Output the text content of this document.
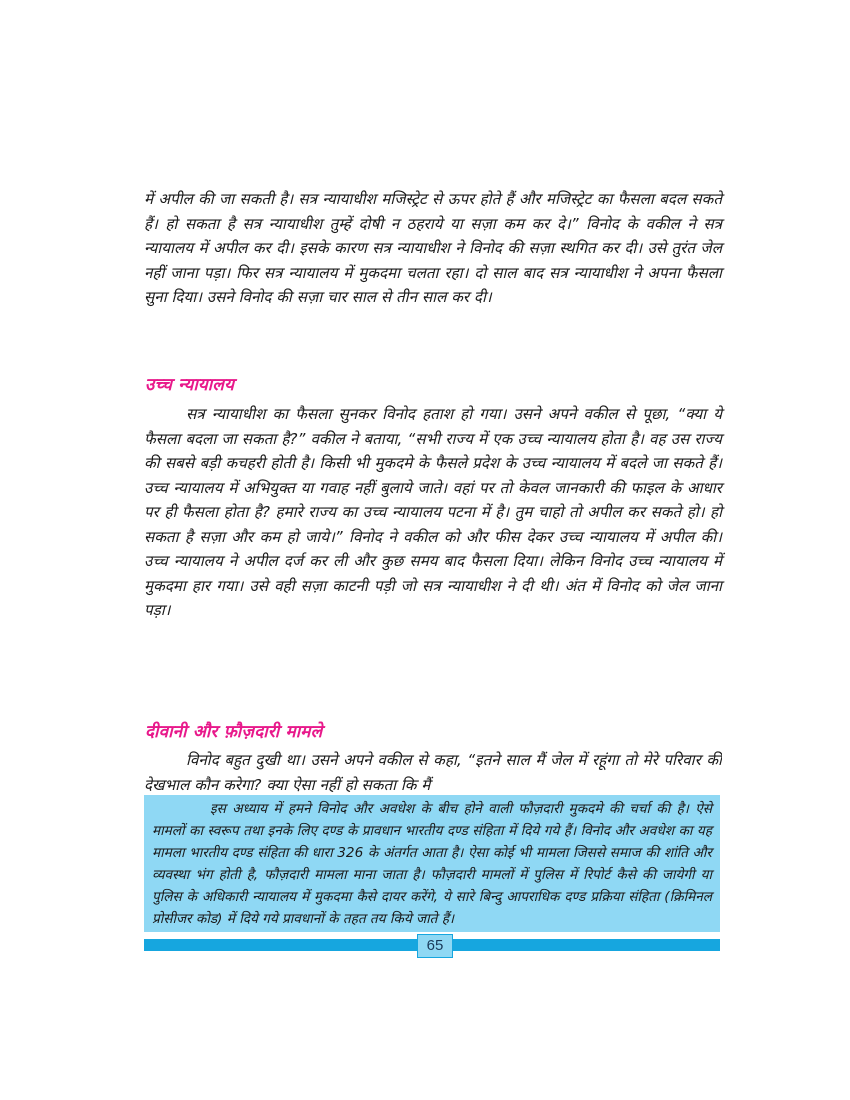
में अपील की जा सकती है। सत्र न्यायाधीश मजिस्ट्रेट से ऊपर होते हैं और मजिस्ट्रेट का फैसला बदल सकते हैं। हो सकता है सत्र न्यायाधीश तुम्हें दोषी न ठहराये या सज़ा कम कर दे।” विनोद के वकील ने सत्र न्यायालय में अपील कर दी। इसके कारण सत्र न्यायाधीश ने विनोद की सज़ा स्थगित कर दी। उसे तुरंत जेल नहीं जाना पड़ा। फिर सत्र न्यायालय में मुकदमा चलता रहा। दो साल बाद सत्र न्यायाधीश ने अपना फैसला सुना दिया। उसने विनोद की सज़ा चार साल से तीन साल कर दी।

उच्च न्यायालय

सत्र न्यायाधीश का फैसला सुनकर विनोद हताश हो गया। उसने अपने वकील से पूछा, “क्या ये फैसला बदला जा सकता है?” वकील ने बताया, “सभी राज्य में एक उच्च न्यायालय होता है। वह उस राज्य की सबसे बड़ी कचहरी होती है। किसी भी मुकदमे के फैसले प्रदेश के उच्च न्यायालय में बदले जा सकते हैं। उच्च न्यायालय में अभियुक्त या गवाह नहीं बुलाये जाते। वहां पर तो केवल जानकारी की फाइल के आधार पर ही फैसला होता है? हमारे राज्य का उच्च न्यायालय पटना में है। तुम चाहो तो अपील कर सकते हो। हो सकता है सज़ा और कम हो जाये।” विनोद ने वकील को और फीस देकर उच्च न्यायालय में अपील की। उच्च न्यायालय ने अपील दर्ज कर ली और कुछ समय बाद फैसला दिया। लेकिन विनोद उच्च न्यायालय में मुकदमा हार गया। उसे वही सज़ा काटनी पड़ी जो सत्र न्यायाधीश ने दी थी। अंत में विनोद को जेल जाना पड़ा।

दीवानी और फ़ौज़दारी मामले

विनोद बहुत दुखी था। उसने अपने वकील से कहा, “इतने साल मैं जेल में रहूंगा तो मेरे परिवार की देखभाल कौन करेगा? क्या ऐसा नहीं हो सकता कि मैं

इस अध्याय में हमने विनोद और अवधेश के बीच होने वाली फौज़दारी मुकदमे की चर्चा की है। ऐसे मामलों का स्वरूप तथा इनके लिए दण्ड के प्रावधान भारतीय दण्ड संहिता में दिये गये हैं। विनोद और अवधेश का यह मामला भारतीय दण्ड संहिता की धारा 326 के अंतर्गत आता है। ऐसा कोई भी मामला जिससे समाज की शांति और व्यवस्था भंग होती है, फौज़दारी मामला माना जाता है। फौज़दारी मामलों में पुलिस में रिपोर्ट कैसे की जायेगी या पुलिस के अधिकारी न्यायालय में मुकदमा कैसे दायर करेंगे, ये सारे बिन्दु आपराधिक दण्ड प्रक्रिया संहिता (क्रिमिनल प्रोसीजर कोड) में दिये गये प्रावधानों के तहत तय किये जाते हैं।

65
